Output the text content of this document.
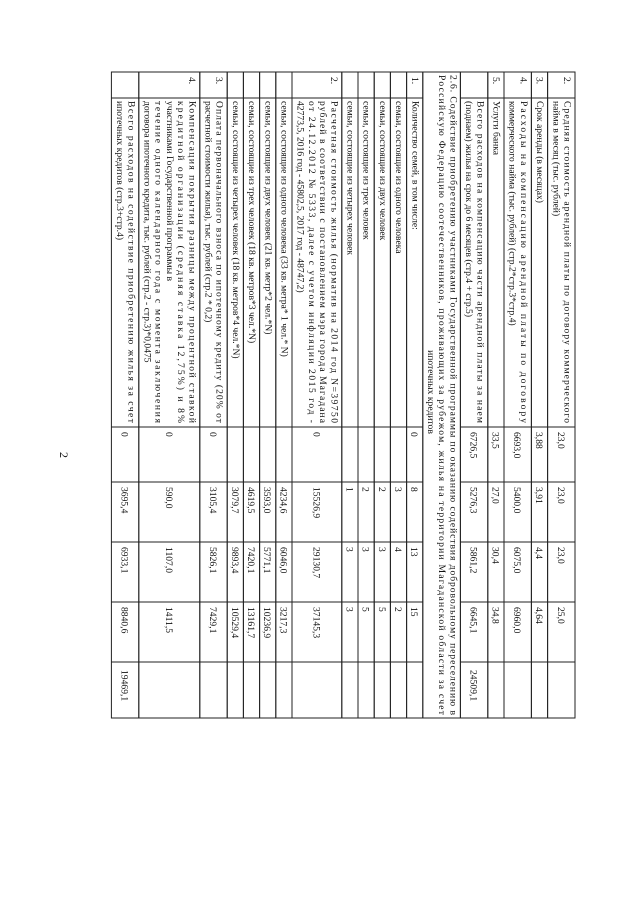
2.
Средняя стоимость арендной платы по договору коммерческого
найма в месяц (тыс. рублей)
23,0
23,0
23,0
25,0
3.
Срок аренды (в месяцах)
3,88
3,91
4,4
4,64
4.
Расходы на компенсацию арендной платы по договору
коммерческого найма (тыс. рублей) (стр.2*стр.3*стр.4)
6693,0
5400,0
6075,0
6960,0
5.
Услуги банка
33,5
27,0
30,4
34,8
Всего расходов на компенсацию части арендной платы за наем
(поднаем) жилья на срок до 6 месяцев (стр.4 + стр.5)
6726,5
5276,3
5861,2
6645,1
24509,1
2.6. Содействие приобретению участниками Государственной программы по оказанию содействия добровольному переселению в
Российскую Федерацию соотечественников, проживающих за рубежом, жилья на территории Магаданской области за счет
ипотечных кредитов
1.
Количество семей, в том числе:
0
8
13
15
семьи, состоящие из одного человека
3
4
2
семьи, состоящие из двух человек
2
3
5
семьи, состоящие из трех человек
2
3
5
семьи, состоящие из четырех человек
1
3
3
2.
Расчетная стоимость жилья (норматив на 2014 год N=39750
рублей в соответствии с постановлением мэра города Магадана
от 24.12.2012 № 5333, далее с учетом инфляции 2015 год -
42773,5, 2016 год - 45802,5, 2017 год - 48747,2)
0
15526,9
29130,7
37145,3
семьи, состоящие из одного человека (33 кв. метра* 1 чел.* N)
4234,6
6046,0
3217,3
семьи, состоящие из двух человек (21 кв. метр*2 чел.*N)
3593,0
5771,1
10236,9
семьи, состоящие из трех человек (18 кв. метров*3 чел.*N)
4619,5
7420,1
13161,7
семьи, состоящие из четырех человек (18 кв. метров*4 чел.*N)
3079,7
9893,4
10529,4
3.
Оплата первоначального взноса по ипотечному кредиту (20% от
расчетной стоимости жилья), тыс. рублей (стр.2 * 0,2)
0
3105,4
5826,1
7429,1
4.
Компенсация покрытия разницы между процентной ставкой
кредитной организации (средняя ставка 12,75%) и 8%
участниками Государственной программы в
течение одного календарного года с момента заключения
договора ипотечного кредита, тыс. рублей (стр.2 - стр.3)*0,0475
0
590,0
1107,0
1411,5
Всего расходов на содействие приобретению жилья за счет
ипотечных кредитов (стр.3+стр.4)
0
3695,4
6933,1
8840,6
19469,1
2
